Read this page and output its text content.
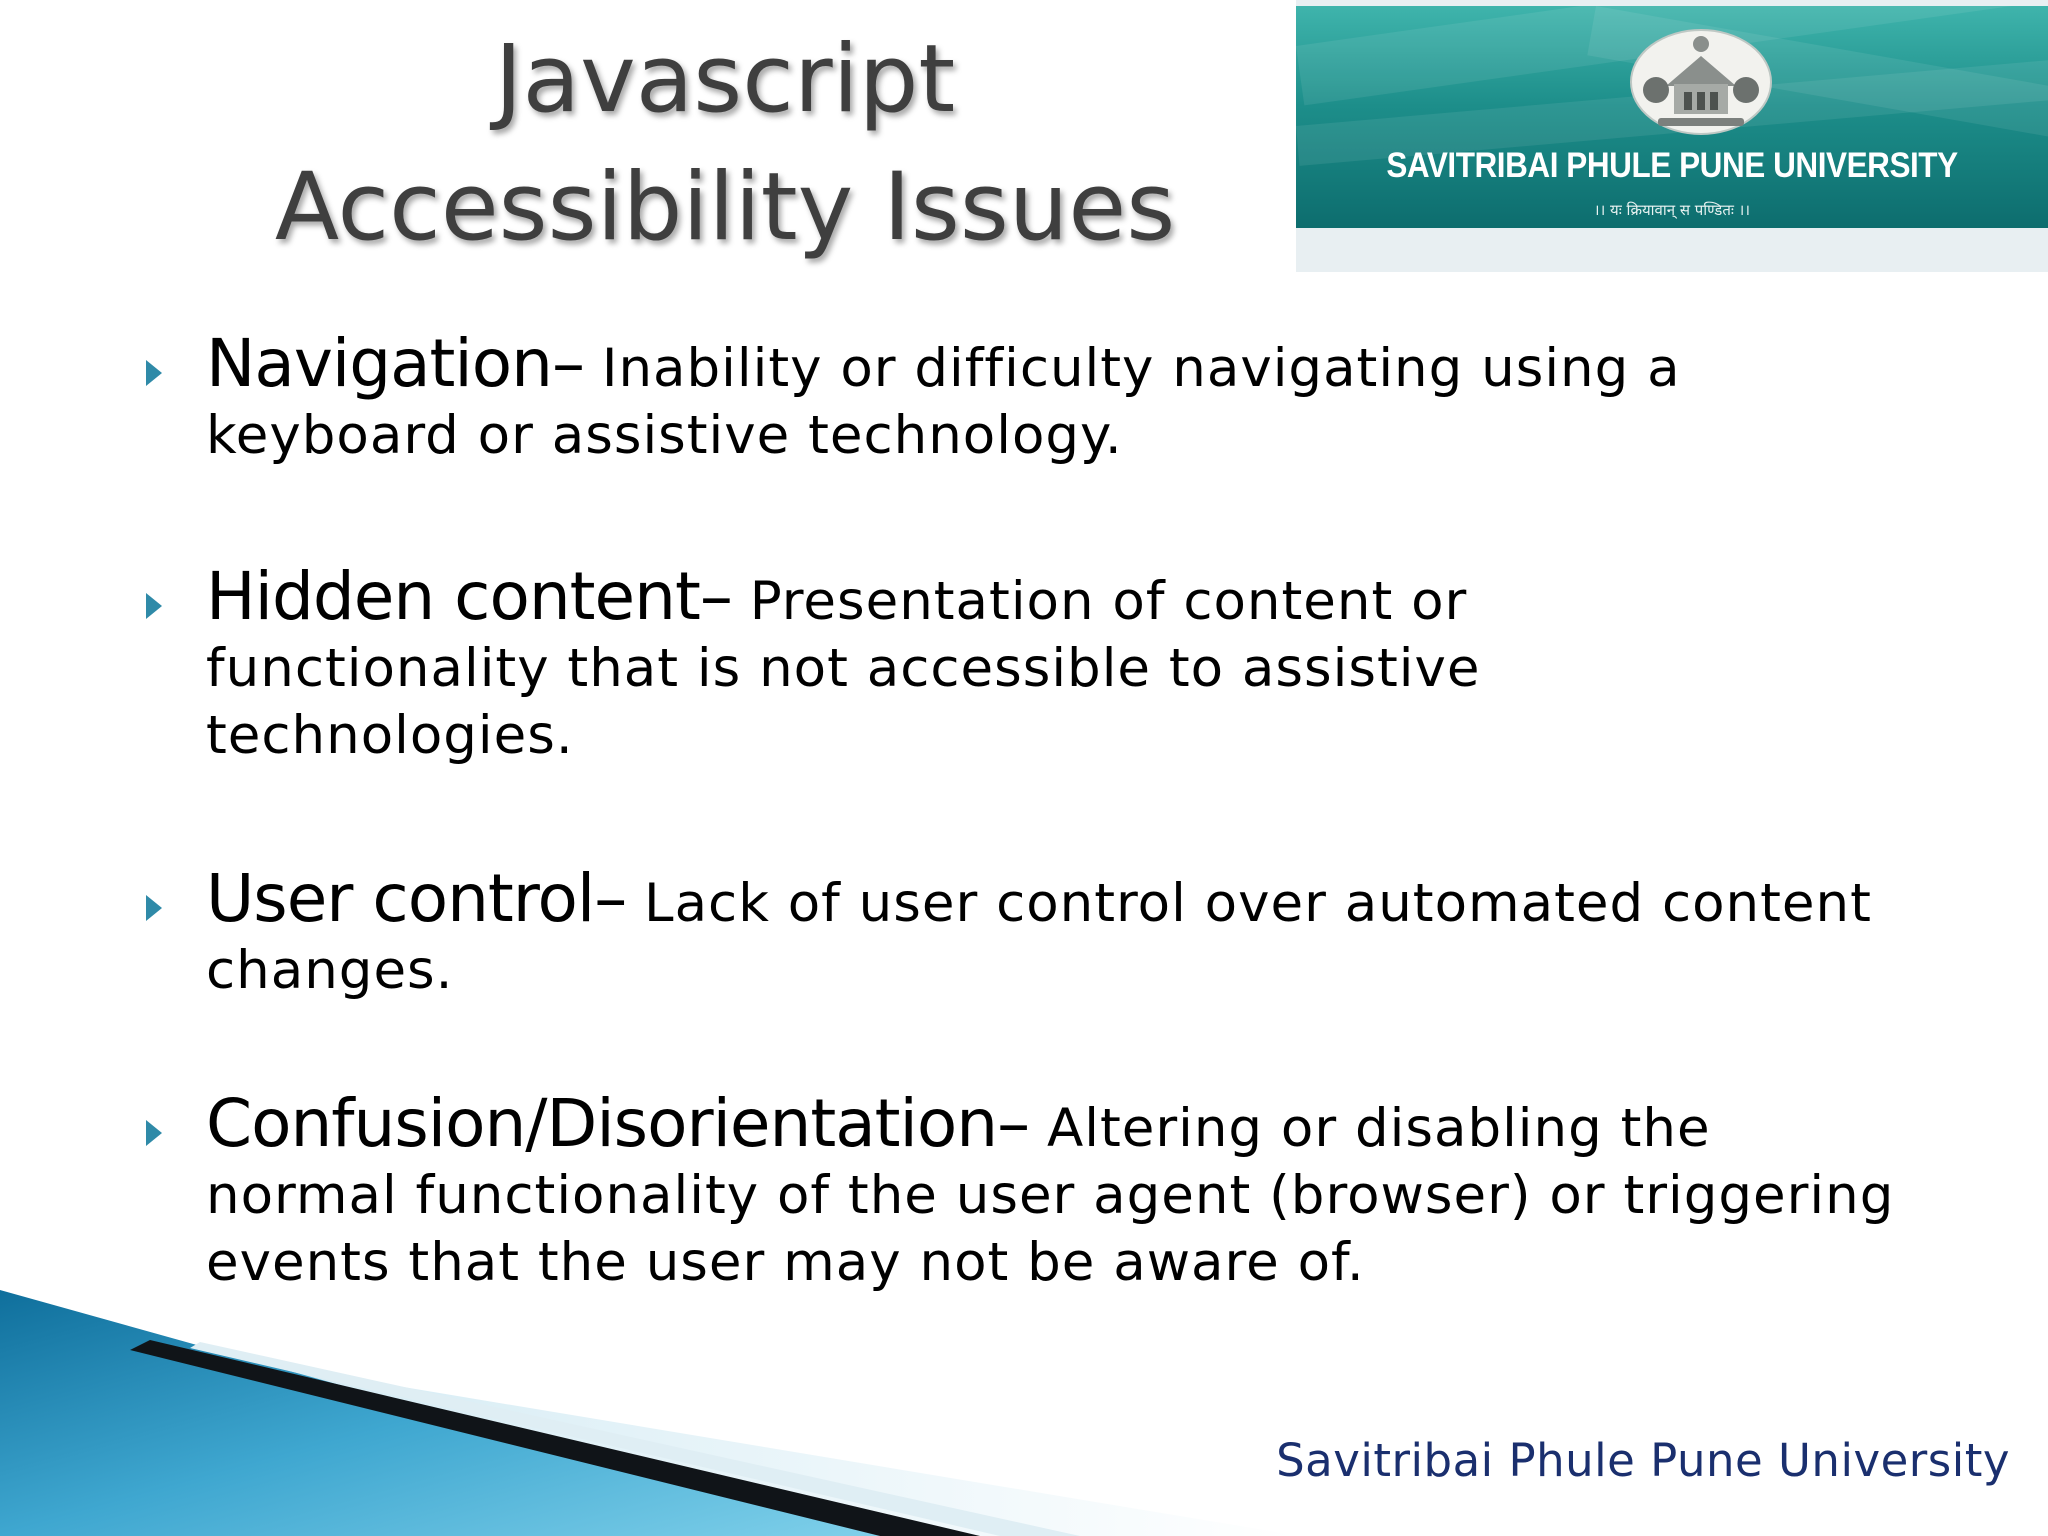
Javascript
Accessibility Issues	SAVITRIBAI PHULE PUNE UNIVERSITY
।। यः क्रियावान् स पण्डितः ।।
Navigation– Inability or difficulty navigating using a
keyboard or assistive technology.
Hidden content– Presentation of content or
functionality that is not accessible to assistive
technologies.
User control– Lack of user control over automated content
changes.
Confusion/Disorientation– Altering or disabling the
normal functionality of the user agent (browser) or triggering
events that the user may not be aware of.
Savitribai Phule Pune University
